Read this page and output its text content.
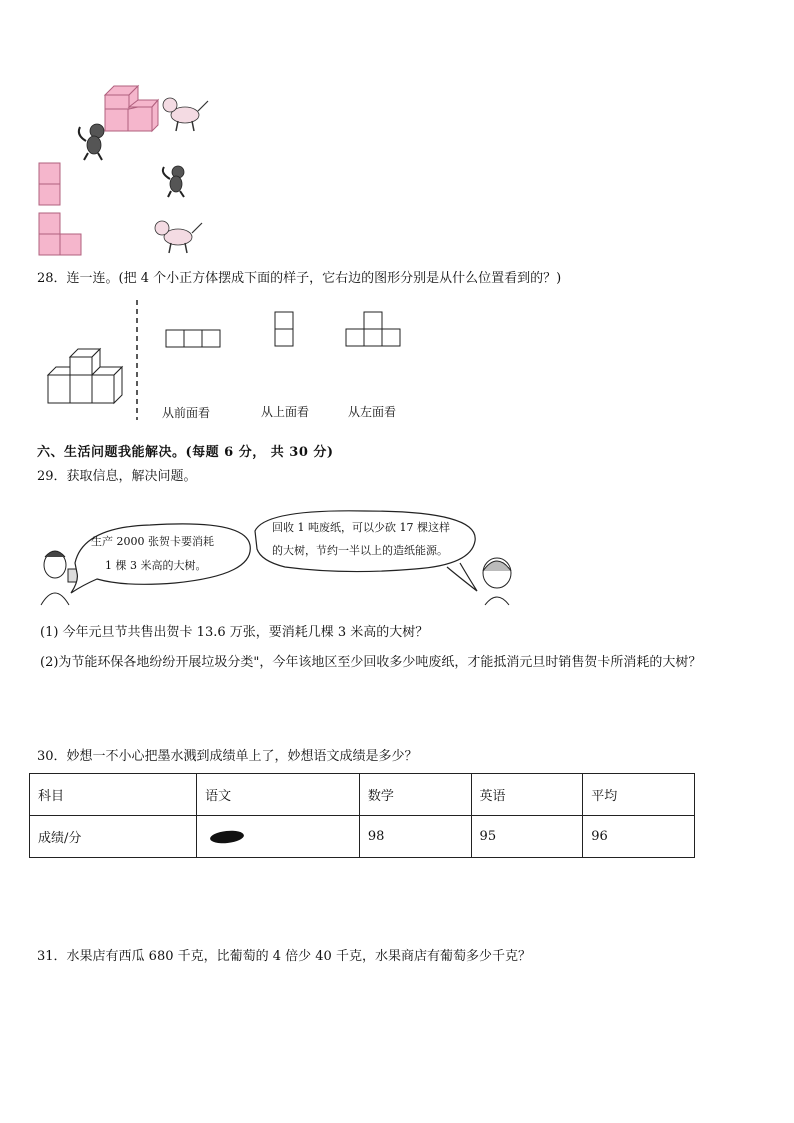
28．连一连。(把 4 个小正方体摆成下面的样子，它右边的图形分别是从什么位置看到的？)
从前面看	从上面看	从左面看
六、生活问题我能解决。(每题 6 分， 共 30 分)
29．获取信息，解决问题。
生产 2000 张贺卡要消耗
1 棵 3 米高的大树。
回收 1 吨废纸，可以少砍 17 棵这样
的大树，节约一半以上的造纸能源。
(1) 今年元旦节共售出贺卡 13.6 万张，要消耗几棵 3 米高的大树？
(2)为节能环保各地纷纷开展垃圾分类"，今年该地区至少回收多少吨废纸，才能抵消元旦时销售贺卡所消耗的大树？
30．妙想一不小心把墨水溅到成绩单上了，妙想语文成绩是多少？
科目	语文	数学	英语	平均
成绩/分		98	95	96
31．水果店有西瓜 680 千克，比葡萄的 4 倍少 40 千克，水果商店有葡萄多少千克？
